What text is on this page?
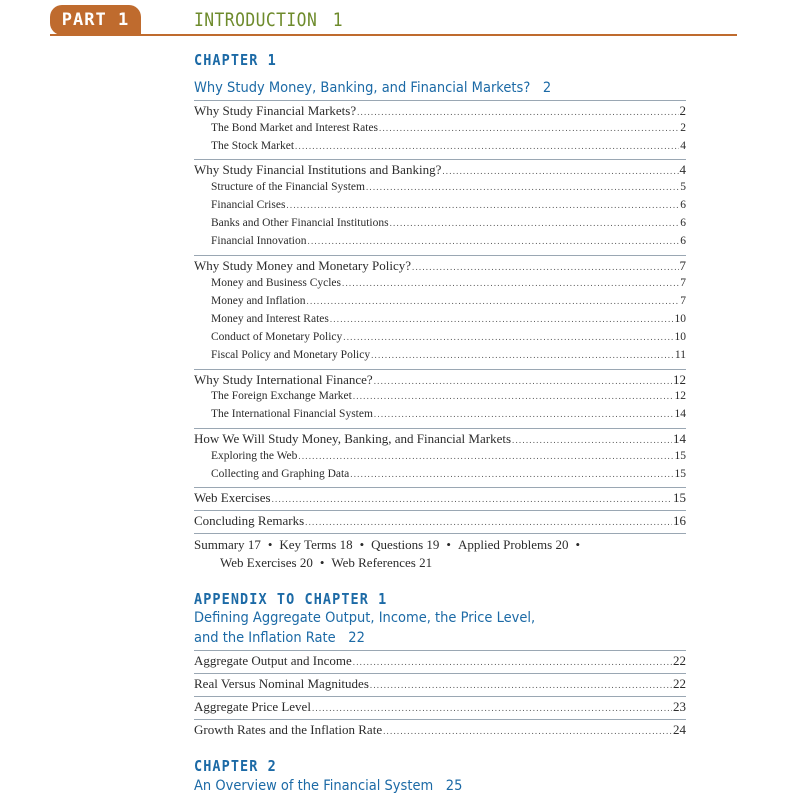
PART 1	INTRODUCTION 1
CHAPTER 1
Why Study Money, Banking, and Financial Markets? 2
Why Study Financial Markets? .....	2
The Bond Market and Interest Rates .....	2
The Stock Market .....	4
Why Study Financial Institutions and Banking? .....	4
Structure of the Financial System .....	5
Financial Crises .....	6
Banks and Other Financial Institutions .....	6
Financial Innovation .....	6
Why Study Money and Monetary Policy? .....	7
Money and Business Cycles .....	7
Money and Inflation .....	7
Money and Interest Rates .....	10
Conduct of Monetary Policy .....	10
Fiscal Policy and Monetary Policy .....	11
Why Study International Finance? .....	12
The Foreign Exchange Market .....	12
The International Financial System .....	14
How We Will Study Money, Banking, and Financial Markets .....	14
Exploring the Web .....	15
Collecting and Graphing Data .....	15
Web Exercises .....	15
Concluding Remarks .....	16
Summary 17 • Key Terms 18 • Questions 19 • Applied Problems 20 •
Web Exercises 20 • Web References 21
APPENDIX TO CHAPTER 1
Defining Aggregate Output, Income, the Price Level,
and the Inflation Rate 22
Aggregate Output and Income .....	22
Real Versus Nominal Magnitudes .....	22
Aggregate Price Level .....	23
Growth Rates and the Inflation Rate .....	24
CHAPTER 2
An Overview of the Financial System 25
